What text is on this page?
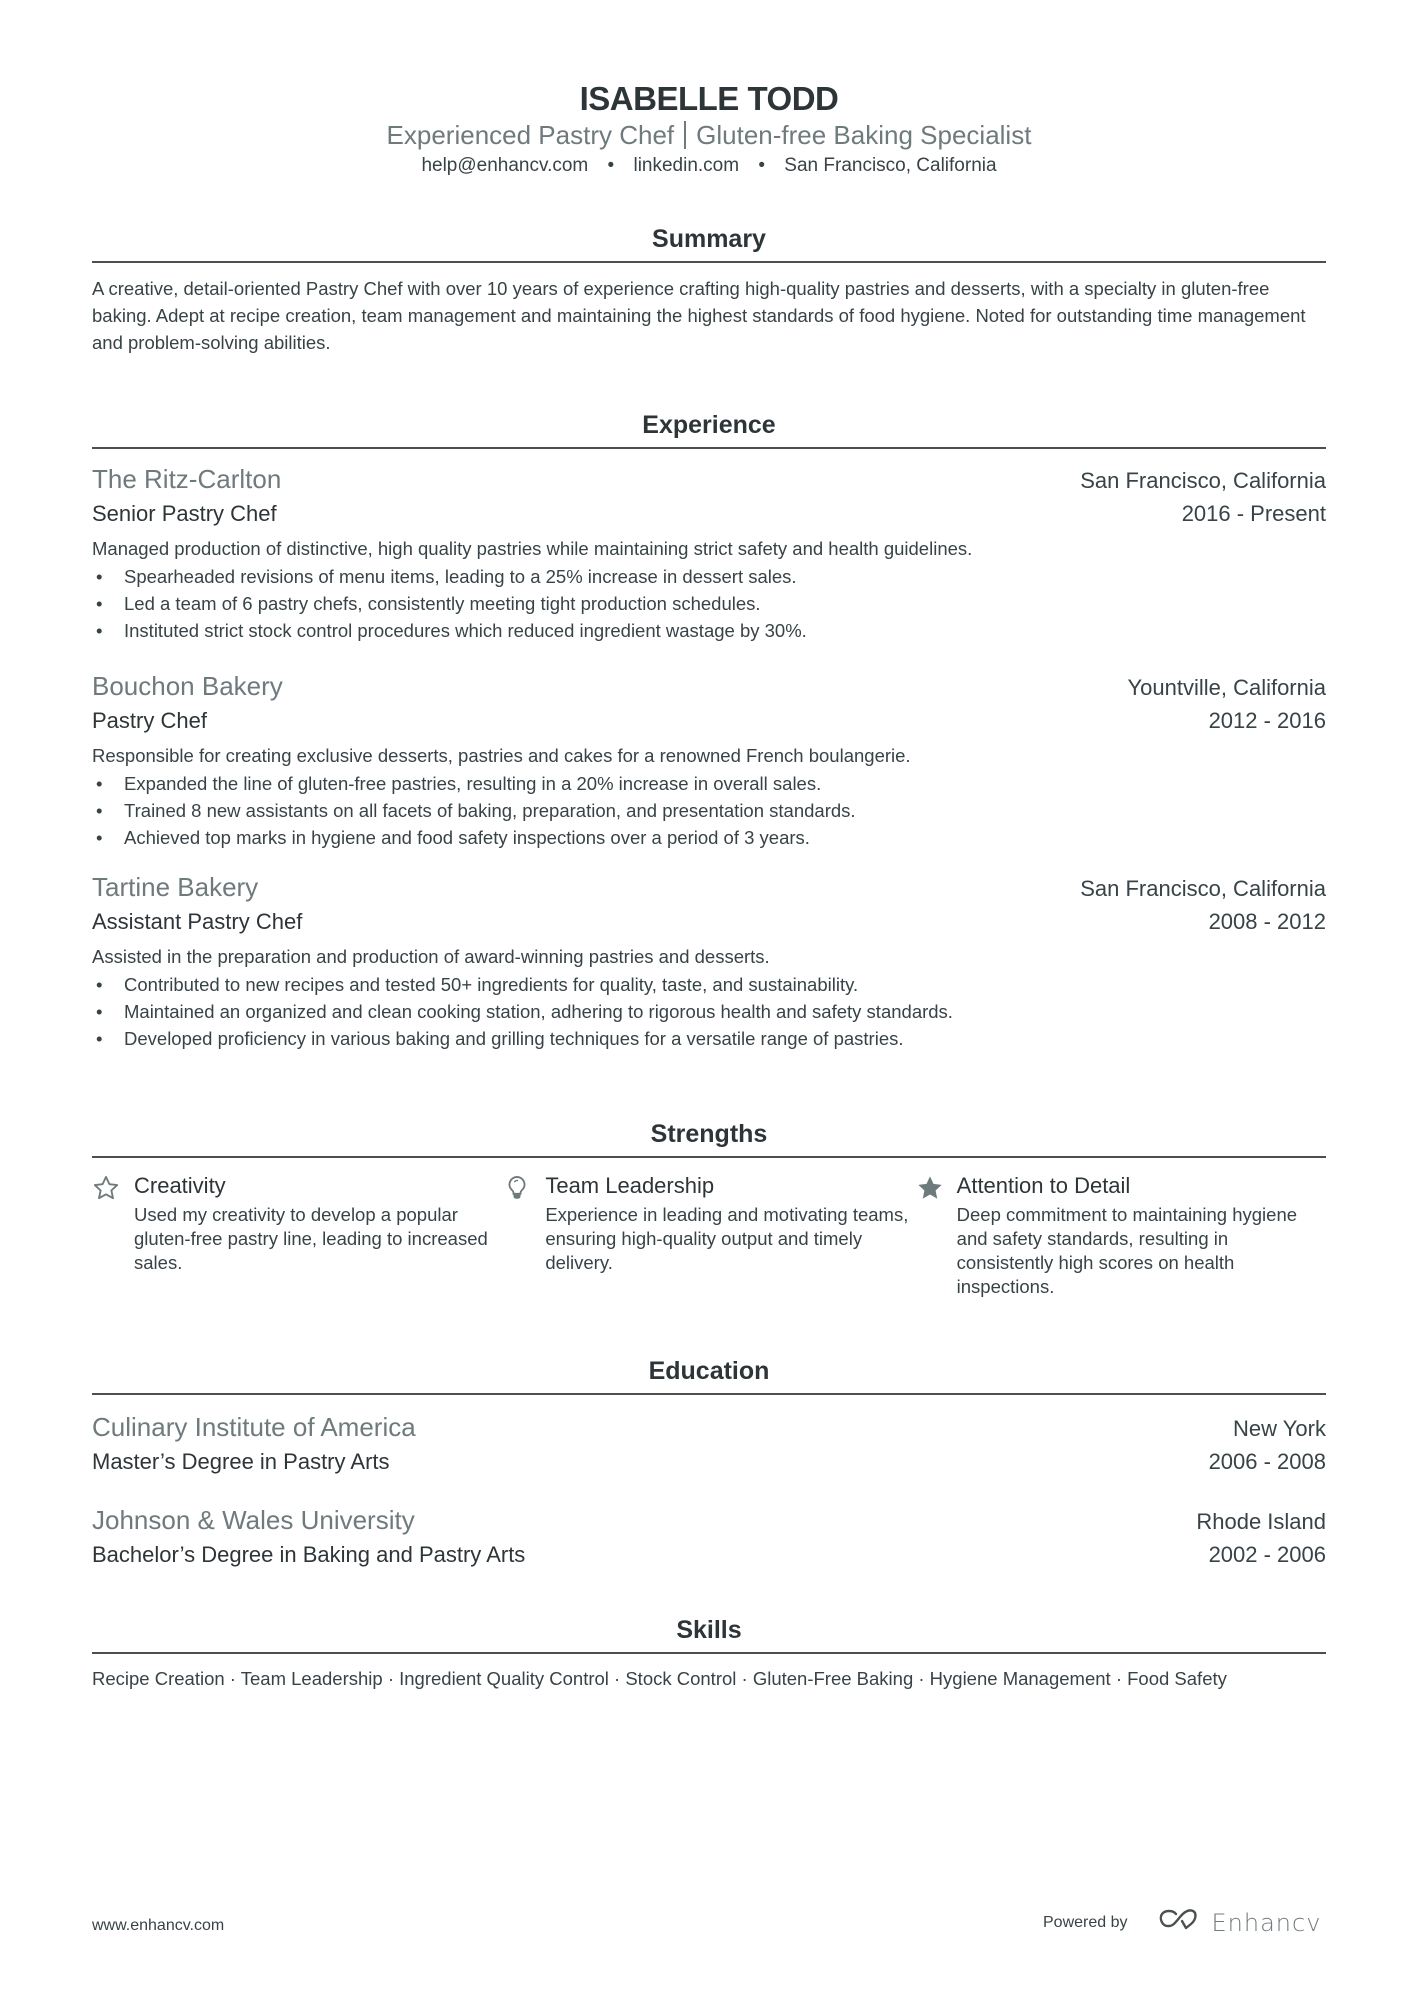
ISABELLE TODD
Experienced Pastry Chef Gluten-free Baking Specialist
help@enhancv.com • linkedin.com • San Francisco, California
Summary

A creative, detail-oriented Pastry Chef with over 10 years of experience crafting high-quality pastries and desserts, with a specialty in gluten-free baking. Adept at recipe creation, team management and maintaining the highest standards of food hygiene. Noted for outstanding time management and problem-solving abilities.

Experience
The Ritz-Carlton	San Francisco, California
Senior Pastry Chef	2016 - Present

Managed production of distinctive, high quality pastries while maintaining strict safety and health guidelines.

• Spearheaded revisions of menu items, leading to a 25% increase in dessert sales.
• Led a team of 6 pastry chefs, consistently meeting tight production schedules.
• Instituted strict stock control procedures which reduced ingredient wastage by 30%.
Bouchon Bakery	Yountville, California
Pastry Chef	2012 - 2016

Responsible for creating exclusive desserts, pastries and cakes for a renowned French boulangerie.

• Expanded the line of gluten-free pastries, resulting in a 20% increase in overall sales.
• Trained 8 new assistants on all facets of baking, preparation, and presentation standards.
• Achieved top marks in hygiene and food safety inspections over a period of 3 years.
Tartine Bakery	San Francisco, California
Assistant Pastry Chef	2008 - 2012

Assisted in the preparation and production of award-winning pastries and desserts.

• Contributed to new recipes and tested 50+ ingredients for quality, taste, and sustainability.
• Maintained an organized and clean cooking station, adhering to rigorous health and safety standards.
• Developed proficiency in various baking and grilling techniques for a versatile range of pastries.
Strengths
Creativity
Used my creativity to develop a popular gluten-free pastry line, leading to increased sales.
Team Leadership
Experience in leading and motivating teams, ensuring high-quality output and timely delivery.
Attention to Detail
Deep commitment to maintaining hygiene and safety standards, resulting in consistently high scores on health inspections.
Education
Culinary Institute of America	New York
Master’s Degree in Pastry Arts	2006 - 2008
Johnson & Wales University	Rhode Island
Bachelor’s Degree in Baking and Pastry Arts	2002 - 2006
Skills

Recipe Creation · Team Leadership · Ingredient Quality Control · Stock Control · Gluten-Free Baking · Hygiene Management · Food Safety

www.enhancv.com	Powered by	Enhancv
